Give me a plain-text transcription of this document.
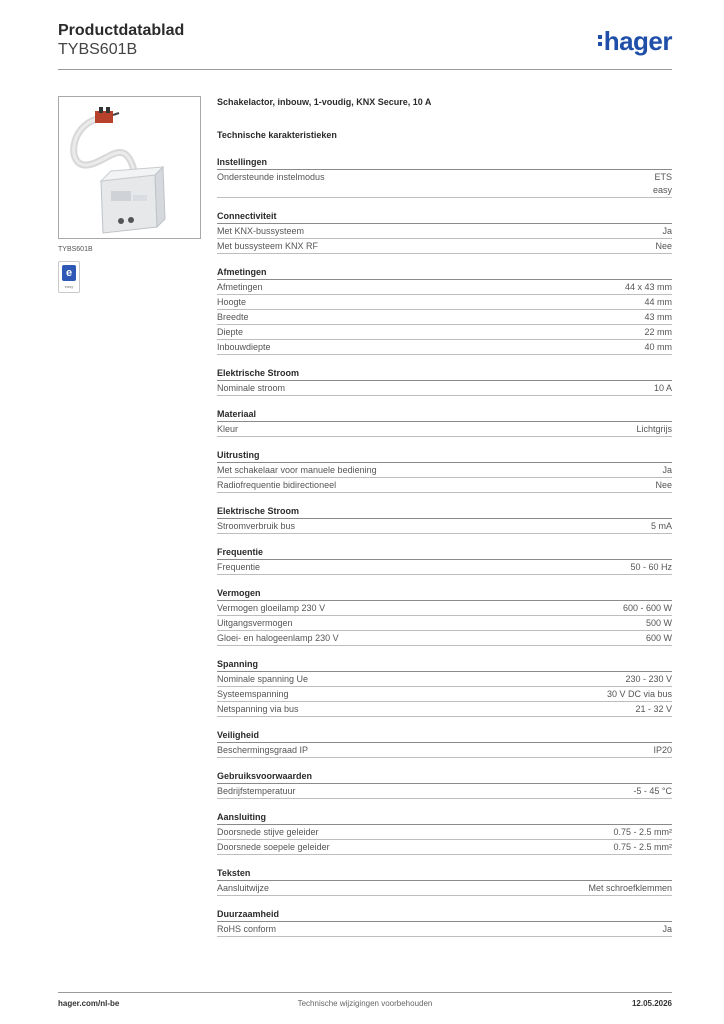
Productdatablad
TYBS601B	hager
TYBS601B
e
easy
Schakelactor, inbouw, 1-voudig, KNX Secure, 10 A
Technische karakteristieken
Instellingen
Ondersteunde instelmodus	ETS
easy
Connectiviteit
Met KNX-bussysteem	Ja
Met bussysteem KNX RF	Nee
Afmetingen
Afmetingen	44 x 43 mm
Hoogte	44 mm
Breedte	43 mm
Diepte	22 mm
Inbouwdiepte	40 mm
Elektrische Stroom
Nominale stroom	10 A
Materiaal
Kleur	Lichtgrijs
Uitrusting
Met schakelaar voor manuele bediening	Ja
Radiofrequentie bidirectioneel	Nee
Elektrische Stroom
Stroomverbruik bus	5 mA
Frequentie
Frequentie	50 - 60 Hz
Vermogen
Vermogen gloeilamp 230 V	600 - 600 W
Uitgangsvermogen	500 W
Gloei- en halogeenlamp 230 V	600 W
Spanning
Nominale spanning Ue	230 - 230 V
Systeemspanning	30 V DC via bus
Netspanning via bus	21 - 32 V
Veiligheid
Beschermingsgraad IP	IP20
Gebruiksvoorwaarden
Bedrijfstemperatuur	-5 - 45 °C
Aansluiting
Doorsnede stijve geleider	0.75 - 2.5 mm²
Doorsnede soepele geleider	0.75 - 2.5 mm²
Teksten
Aansluitwijze	Met schroefklemmen
Duurzaamheid
RoHS conform	Ja
hager.com/nl-be	Technische wijzigingen voorbehouden	12.05.2026
